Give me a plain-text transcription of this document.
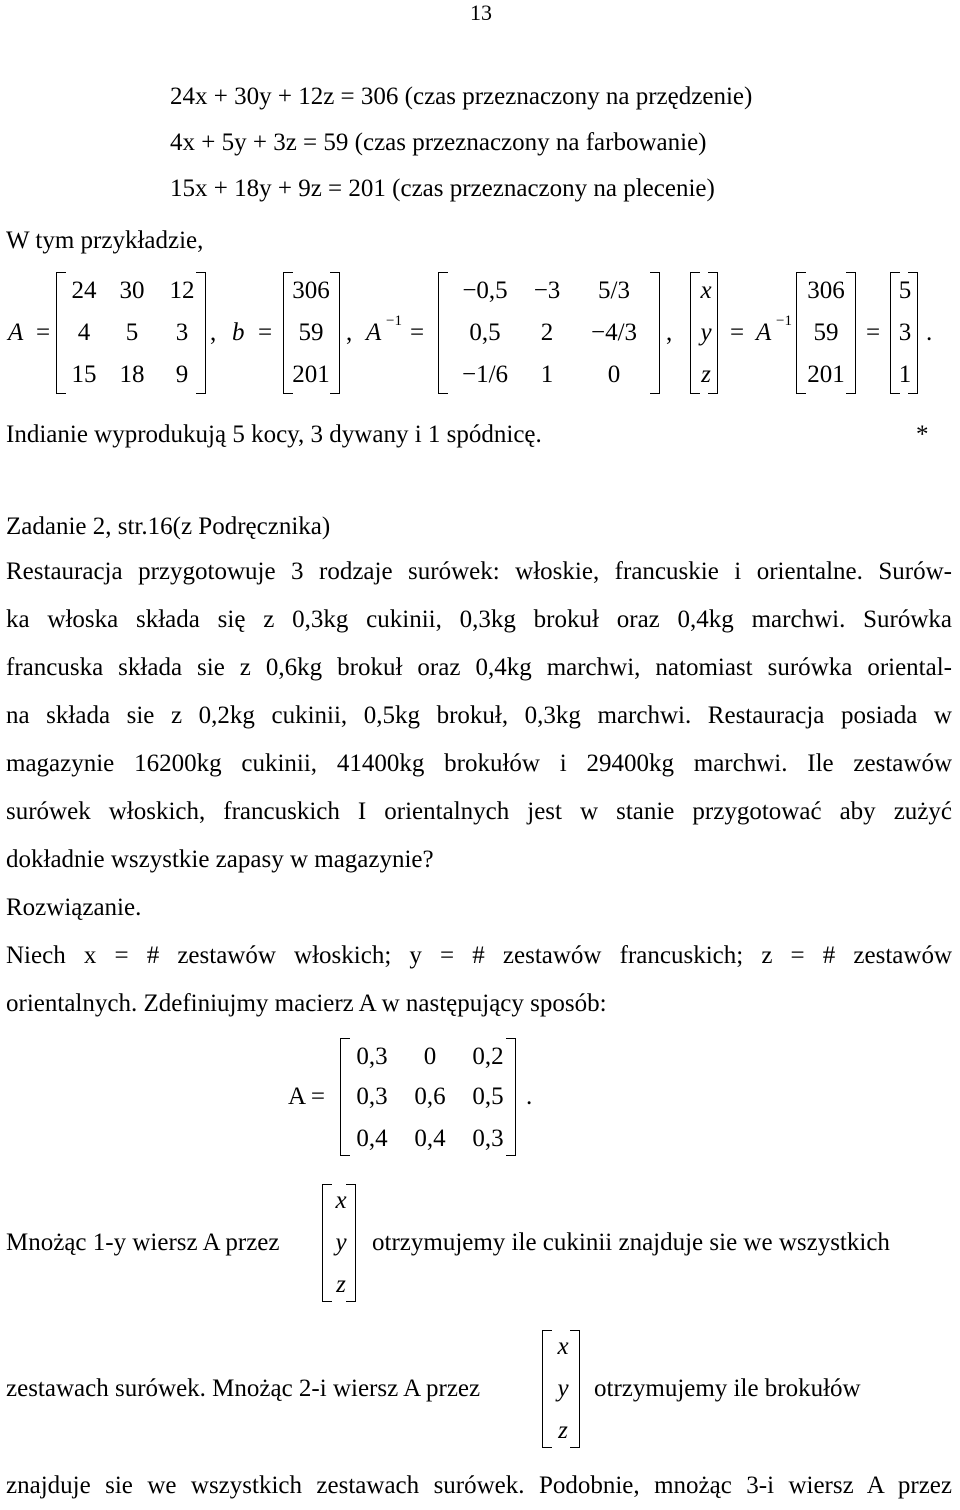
13
24x + 30y + 12z = 306 (czas przeznaczony na przędzenie)
4x + 5y + 3z = 59 (czas przeznaczony na farbowanie)
15x + 18y + 9z = 201 (czas przeznaczony na plecenie)
W tym przykładzie,
A =
24 30 12
4	5	3
15 18	9
, b =
306
59
201
, A −1 =
−0,5	−3	5/3
0,5	2	−4/3
−1/6	1	0
,
x
y
z
= A −1
306
59
201
=
5
3
1
.
Indianie wyprodukują 5 kocy, 3 dywany i 1 spódnicę.	*
Zadanie 2, str.16(z Podręcznika)
Restauracja przygotowuje 3 rodzaje surówek: włoskie, francuskie i orientalne. Surów-
ka włoska składa się z 0,3kg cukinii, 0,3kg brokuł oraz 0,4kg marchwi. Surówka
francuska składa sie z 0,6kg brokuł oraz 0,4kg marchwi, natomiast surówka oriental-
na składa sie z 0,2kg cukinii, 0,5kg brokuł, 0,3kg marchwi. Restauracja posiada w
magazynie 16200kg cukinii, 41400kg brokułów i 29400kg marchwi. Ile zestawów
surówek włoskich, francuskich I orientalnych jest w stanie przygotować aby zużyć
dokładnie wszystkie zapasy w magazynie?
Rozwiązanie.
Niech x = # zestawów włoskich; y = # zestawów francuskich; z = # zestawów
orientalnych. Zdefiniujmy macierz A w następujący sposób:
A =
0,3	0	0,2
0,3 0,6 0,5
0,4 0,4 0,3
.
Mnożąc 1-y wiersz A przez
x
y
z
otrzymujemy ile cukinii znajduje sie we wszystkich
zestawach surówek. Mnożąc 2-i wiersz A przez
x
y
z
otrzymujemy ile brokułów
znajduje sie we wszystkich zestawach surówek. Podobnie, mnożąc 3-i wiersz A przez
